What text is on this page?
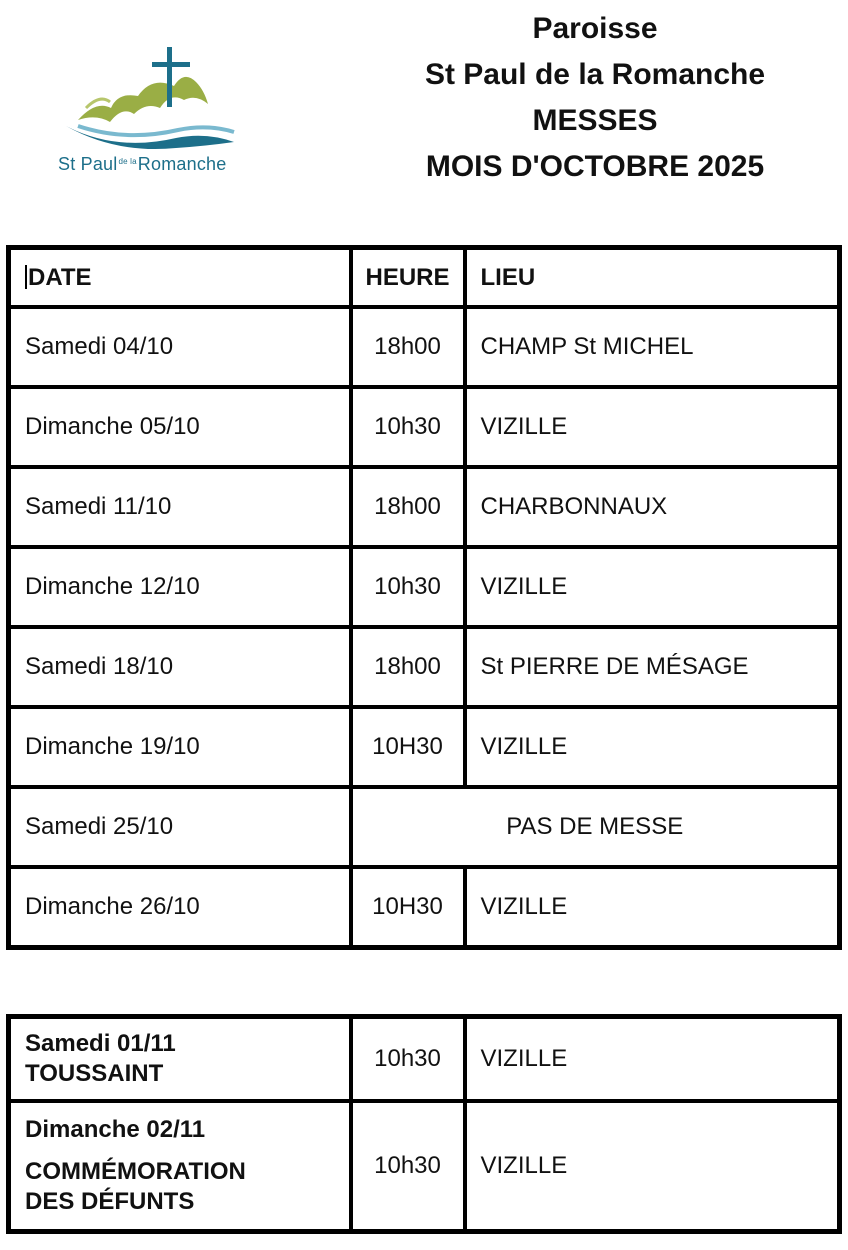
St Paul$^{de la}$Romanche
Paroisse
St Paul de la Romanche
MESSES
MOIS D'OCTOBRE 2025
DATE	HEURE	LIEU
Samedi 04/10	18h00	CHAMP St MICHEL
Dimanche 05/10	10h30	VIZILLE
Samedi 11/10	18h00	CHARBONNAUX
Dimanche 12/10	10h30	VIZILLE
Samedi 18/10	18h00	St PIERRE DE MÉSAGE
Dimanche 19/10	10H30	VIZILLE
Samedi 25/10	PAS DE MESSE	
Dimanche 26/10	10H30	VIZILLE
Samedi 01/11
TOUSSAINT	10h30	VIZILLE

Dimanche 02/11
COMMÉMORATION
DES DÉFUNTS	10h30	VIZILLE
